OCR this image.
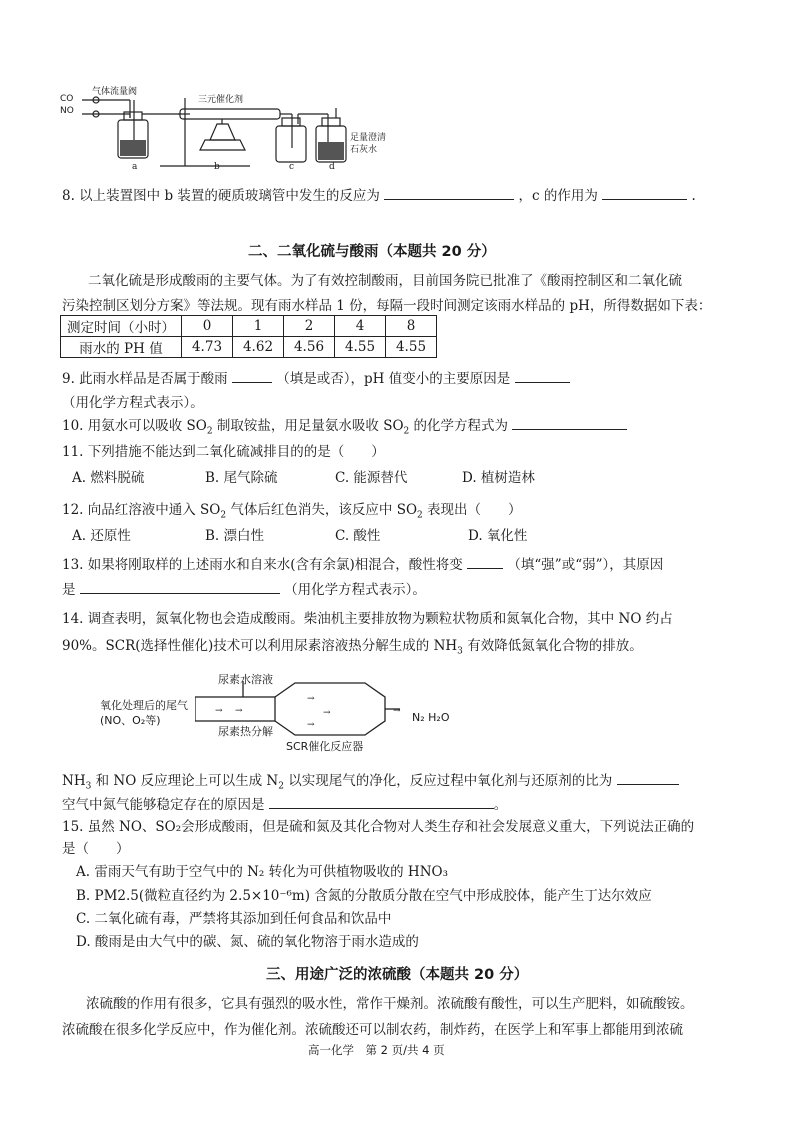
CO
NO
气体流量阀
三元催化剂
足量澄清
石灰水
a	b	c	d
8. 以上装置图中 b 装置的硬质玻璃管中发生的反应为	，c 的作用为	.
二、二氧化硫与酸雨（本题共 20 分）
二氧化硫是形成酸雨的主要气体。为了有效控制酸雨，目前国务院已批准了《酸雨控制区和二氧化硫
污染控制区划分方案》等法规。现有雨水样品 1 份，每隔一段时间测定该雨水样品的 pH，所得数据如下表：
测定时间（小时）	0	1	2	4	8
雨水的 PH 值	4.73	4.62	4.56	4.55	4.55
9. 此雨水样品是否属于酸雨	（填是或否），pH 值变小的主要原因是
（用化学方程式表示）。
10. 用氨水可以吸收 $SO_2$ 制取铵盐，用足量氨水吸收 $SO_2$ 的化学方程式为
11. 下列措施不能达到二氧化硫减排目的的是（　　）
A. 燃料脱硫	B. 尾气除硫	C. 能源替代	D. 植树造林
12. 向品红溶液中通入 $SO_2$ 气体后红色消失，该反应中 $SO_2$ 表现出（　　）
A. 还原性	B. 漂白性	C. 酸性	D. 氧化性
13. 如果将刚取样的上述雨水和自来水(含有余氯)相混合，酸性将变	（填“强”或“弱”），其原因
是	（用化学方程式表示）。
14. 调查表明，氮氧化物也会造成酸雨。柴油机主要排放物为颗粒状物质和氮氧化合物，其中 NO 约占
90%。SCR(选择性催化)技术可以利用尿素溶液热分解生成的 $NH_3$ 有效降低氮氧化合物的排放。
→ →
→
→
→
→
氧化处理后的尾气
(NO、O₂等)
尿素水溶液
尿素热分解
SCR催化反应器
N₂ H₂O
$NH_3$ 和 NO 反应理论上可以生成 $N_2$ 以实现尾气的净化，反应过程中氧化剂与还原剂的比为
空气中氮气能够稳定存在的原因是	。
15. 虽然 NO、SO₂会形成酸雨，但是硫和氮及其化合物对人类生存和社会发展意义重大，下列说法正确的
是（　　）
A. 雷雨天气有助于空气中的 N₂ 转化为可供植物吸收的 HNO₃
B. PM2.5(微粒直径约为 2.5×10⁻⁶m) 含氮的分散质分散在空气中形成胶体，能产生丁达尔效应
C. 二氧化硫有毒，严禁将其添加到任何食品和饮品中
D. 酸雨是由大气中的碳、氮、硫的氧化物溶于雨水造成的
三、用途广泛的浓硫酸（本题共 20 分）
浓硫酸的作用有很多，它具有强烈的吸水性，常作干燥剂。浓硫酸有酸性，可以生产肥料，如硫酸铵。
浓硫酸在很多化学反应中，作为催化剂。浓硫酸还可以制农药，制炸药，在医学上和军事上都能用到浓硫
高一化学　第 2 页/共 4 页
